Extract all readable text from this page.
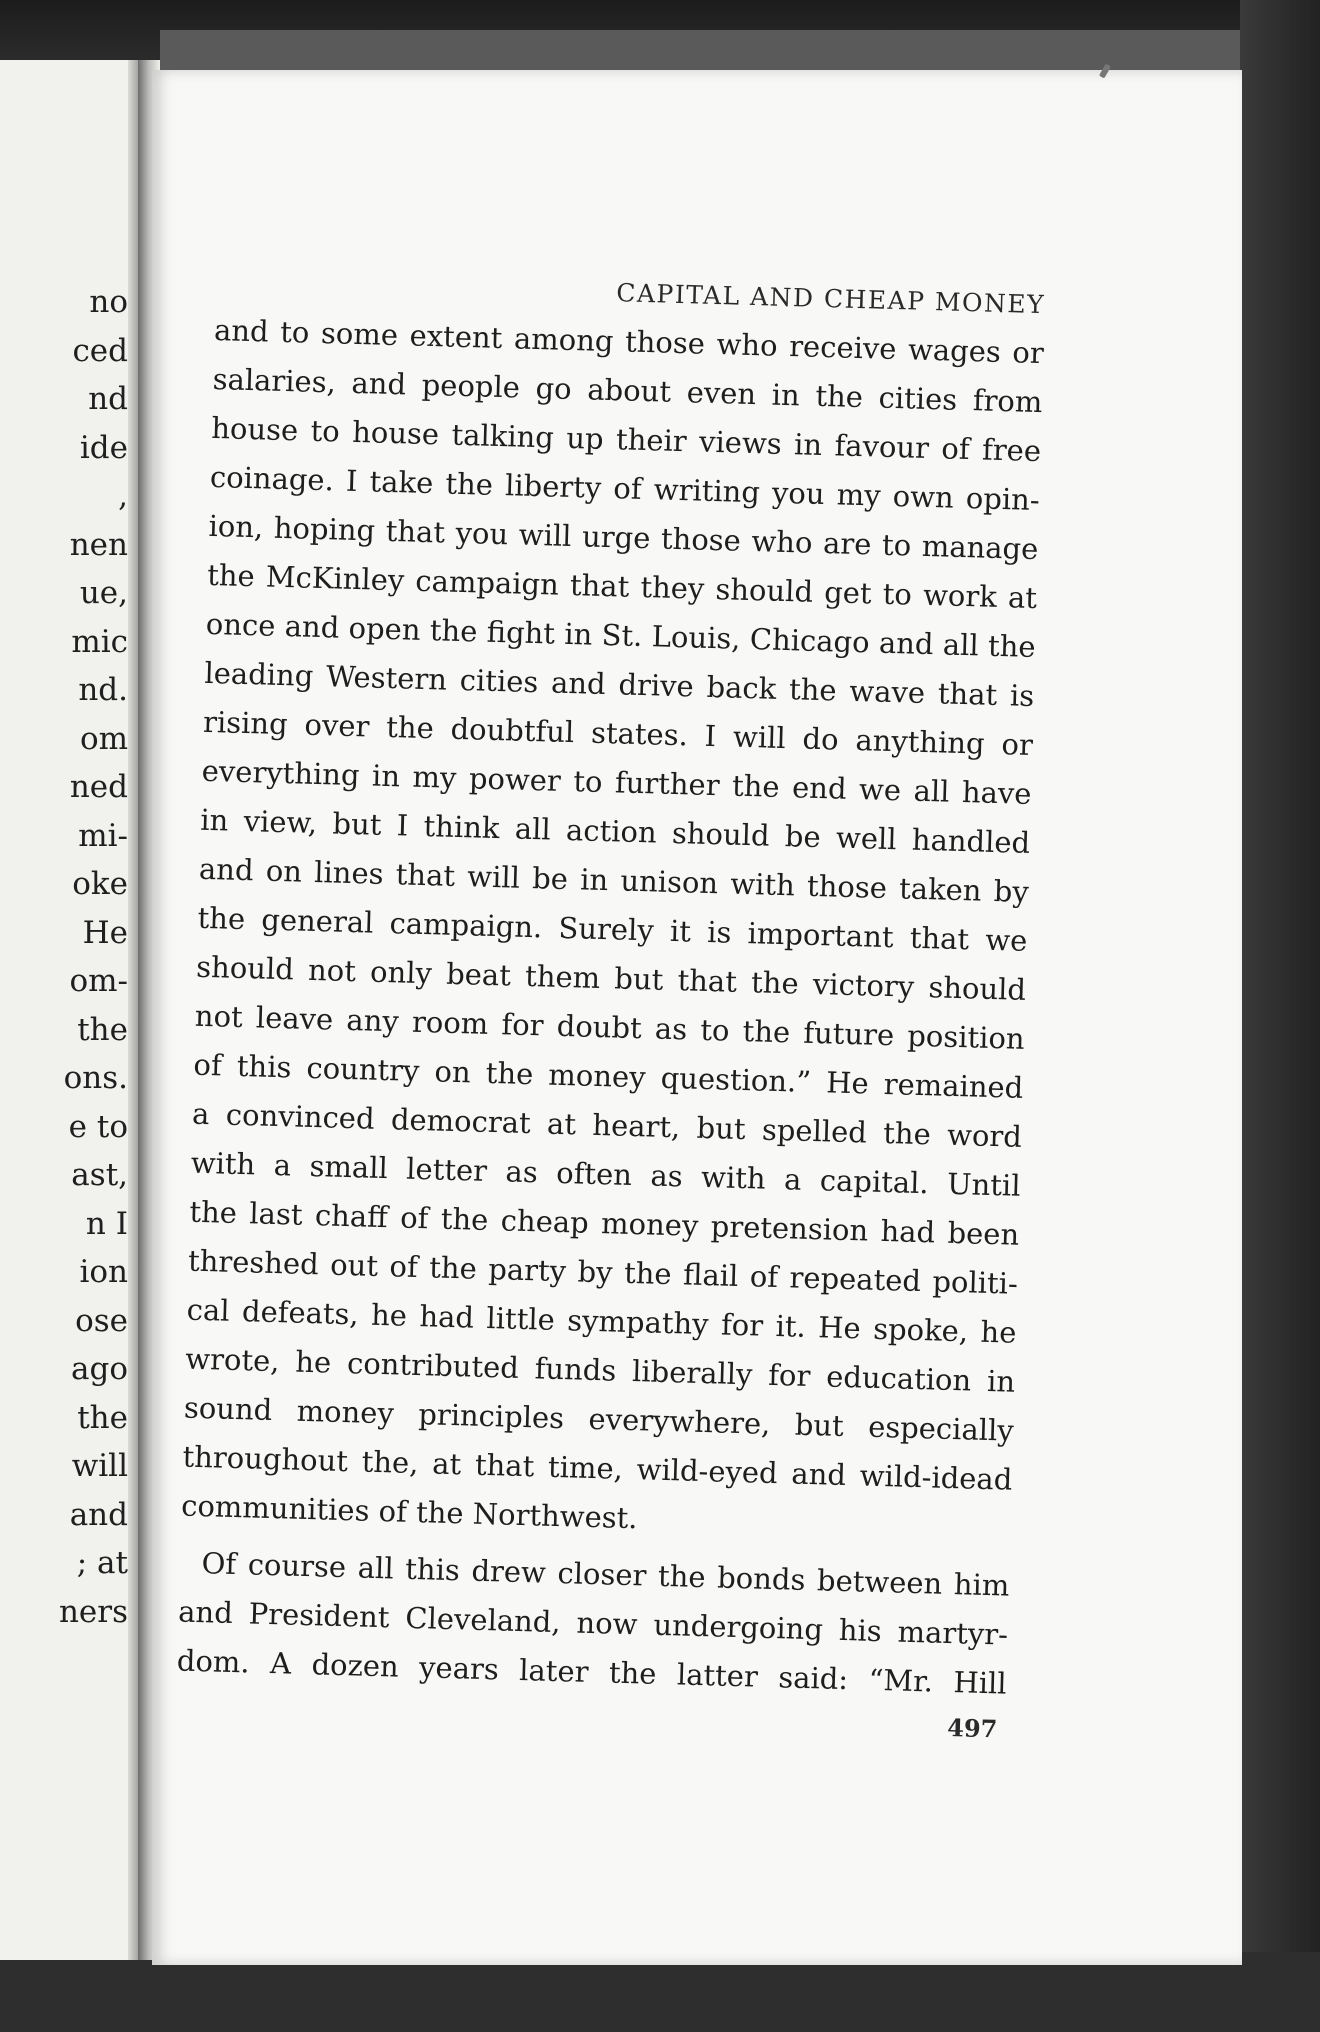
no
ced
nd
ide
,
nen
ue,
mic
nd.
om
ned
mi-
oke
He
om-
the
ons.
e to
ast,
n I
ion
ose
ago
the
will
and
; at
ners
CAPITAL AND CHEAP MONEY
and to some extent among those who receive wages or
salaries, and people go about even in the cities from
house to house talking up their views in favour of free
coinage. I take the liberty of writing you my own opin-
ion, hoping that you will urge those who are to manage
the McKinley campaign that they should get to work at
once and open the fight in St. Louis, Chicago and all the
leading Western cities and drive back the wave that is
rising over the doubtful states. I will do anything or
everything in my power to further the end we all have
in view, but I think all action should be well handled
and on lines that will be in unison with those taken by
the general campaign. Surely it is important that we
should not only beat them but that the victory should
not leave any room for doubt as to the future position
of this country on the money question.” He remained
a convinced democrat at heart, but spelled the word
with a small letter as often as with a capital. Until
the last chaff of the cheap money pretension had been
threshed out of the party by the flail of repeated politi-
cal defeats, he had little sympathy for it. He spoke, he
wrote, he contributed funds liberally for education in
sound money principles everywhere, but especially
throughout the, at that time, wild-eyed and wild-idead
communities of the Northwest.
Of course all this drew closer the bonds between him
and President Cleveland, now undergoing his martyr-
dom. A dozen years later the latter said: “Mr. Hill
497
